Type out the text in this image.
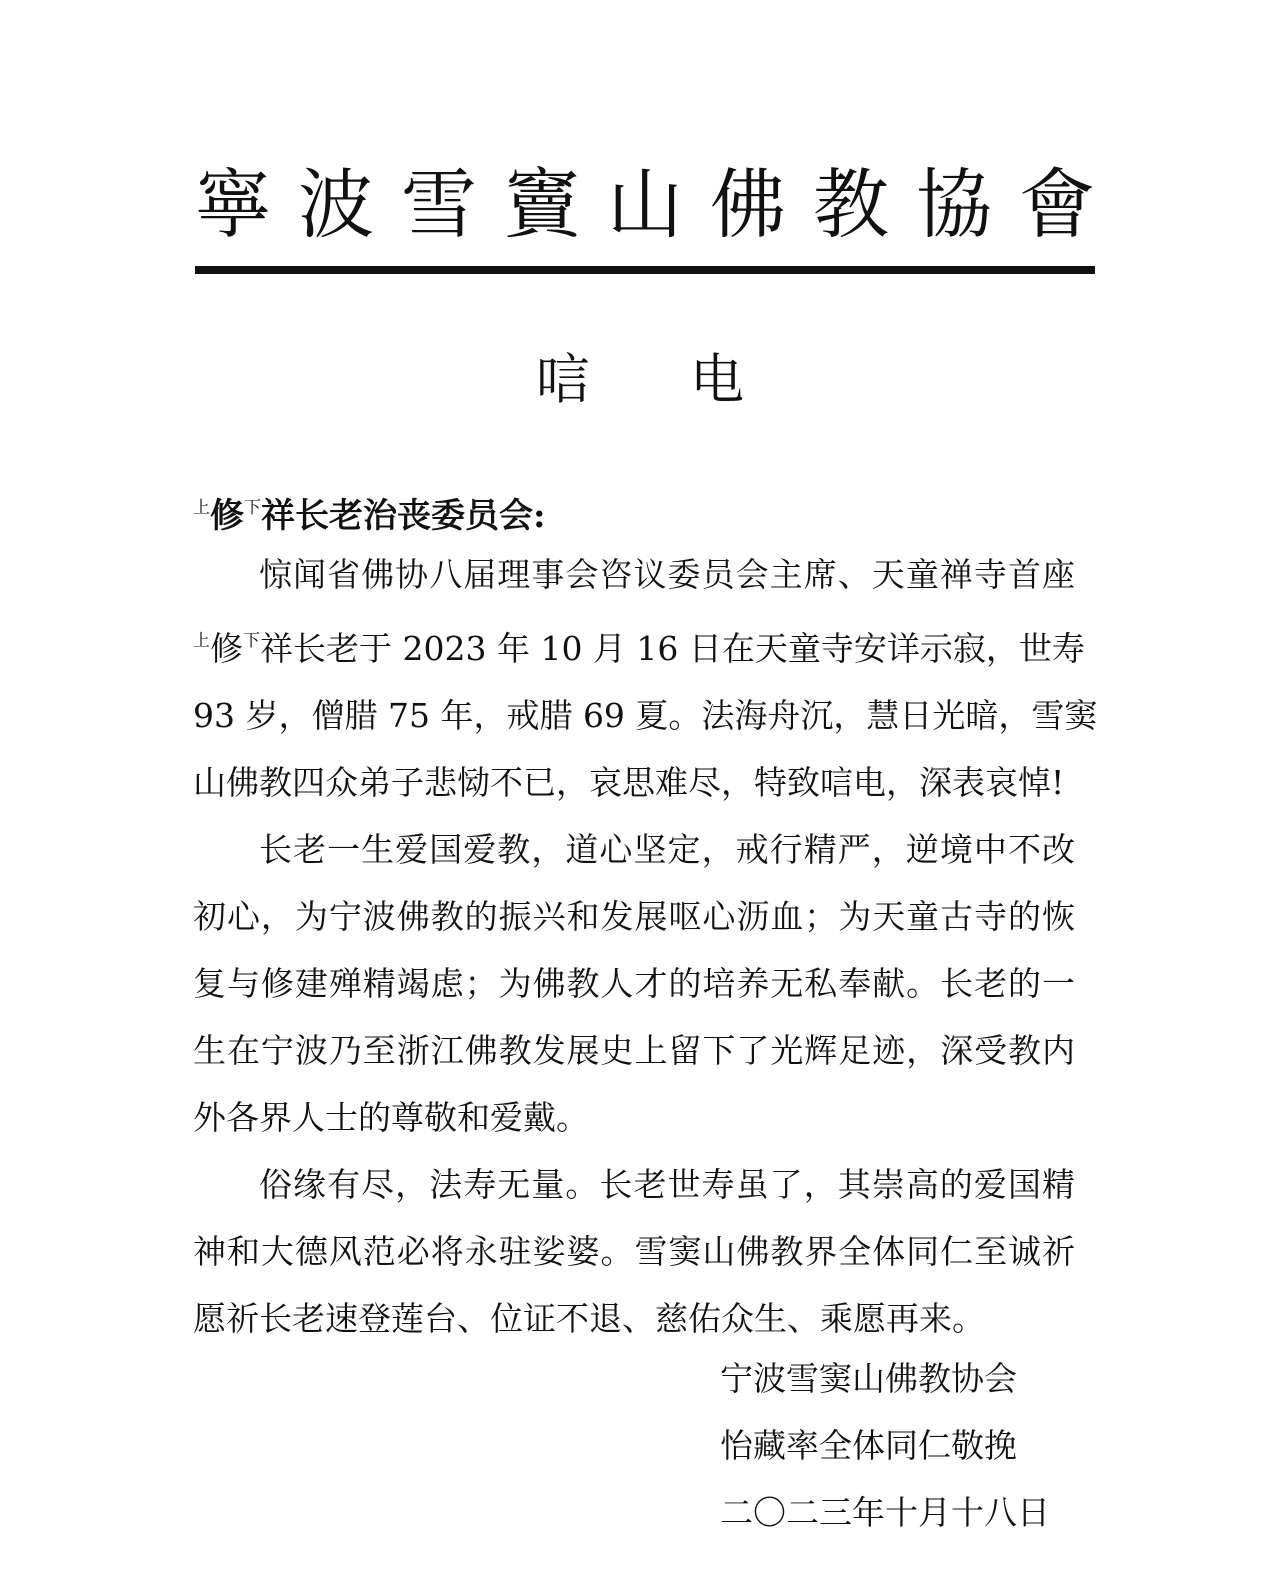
寧波雪竇山佛教協會
唁 电
$^上$修$^下$祥长老治丧委员会:

惊闻省佛协八届理事会咨议委员会主席、天童禅寺首座

$^上$修$^下$祥长老于 2023 年 10 月 16 日在天童寺安详示寂，世寿
93 岁，僧腊 75 年，戒腊 69 夏。法海舟沉，慧日光暗，雪窦
山佛教四众弟子悲恸不已，哀思难尽，特致唁电，深表哀悼!

长老一生爱国爱教，道心坚定，戒行精严，逆境中不改

初心，为宁波佛教的振兴和发展呕心沥血；为天童古寺的恢
复与修建殚精竭虑；为佛教人才的培养无私奉献。长老的一
生在宁波乃至浙江佛教发展史上留下了光辉足迹，深受教内
外各界人士的尊敬和爱戴。

俗缘有尽，法寿无量。长老世寿虽了，其崇高的爱国精

神和大德风范必将永驻娑婆。雪窦山佛教界全体同仁至诚祈
愿祈长老速登莲台、位证不退、慈佑众生、乘愿再来。
宁波雪窦山佛教协会
怡藏率全体同仁敬挽
二〇二三年十月十八日
